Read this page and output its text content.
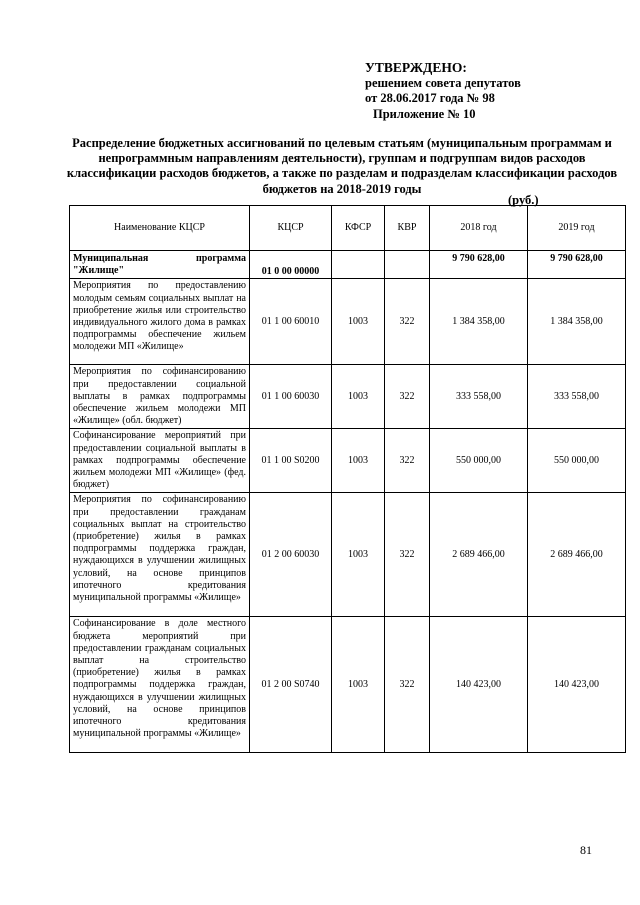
УТВЕРЖДЕНО:
решением совета депутатов
от 28.06.2017 года № 98
Приложение № 10
Распределение бюджетных ассигнований по целевым статьям (муниципальным программам и непрограммным направлениям деятельности), группам и подгруппам видов расходов классификации расходов бюджетов, а также по разделам и подразделам классификации расходов бюджетов на 2018-2019 годы
(руб.)
Наименование КЦСР	КЦСР	КФСР	КВР	2018 год	2019 год
Муниципальная программа "Жилище"	01 0 00 00000			9 790 628,00	9 790 628,00
Мероприятия по предоставлению молодым семьям социальных выплат на приобретение жилья или строительство индивидуального жилого дома в рамках подпрограммы обеспечение жильем молодежи МП «Жилище»	01 1 00 60010	1003	322	1 384 358,00	1 384 358,00
Мероприятия по софинансированию при предоставлении социальной выплаты в рамках подпрограммы обеспечение жильем молодежи МП «Жилище» (обл. бюджет)	01 1 00 60030	1003	322	333 558,00	333 558,00
Софинансирование мероприятий при предоставлении социальной выплаты в рамках подпрограммы обеспечение жильем молодежи МП «Жилище» (фед. бюджет)	01 1 00 S0200	1003	322	550 000,00	550 000,00
Мероприятия по софинансированию при предоставлении гражданам социальных выплат на строительство (приобретение) жилья в рамках подпрограммы поддержка граждан, нуждающихся в улучшении жилищных условий, на основе принципов ипотечного кредитования муниципальной программы «Жилище»	01 2 00 60030	1003	322	2 689 466,00	2 689 466,00
Софинансирование в доле местного бюджета мероприятий при предоставлении гражданам социальных выплат на строительство (приобретение) жилья в рамках подпрограммы поддержка граждан, нуждающихся в улучшении жилищных условий, на основе принципов ипотечного кредитования муниципальной программы «Жилище»	01 2 00 S0740	1003	322	140 423,00	140 423,00
81
